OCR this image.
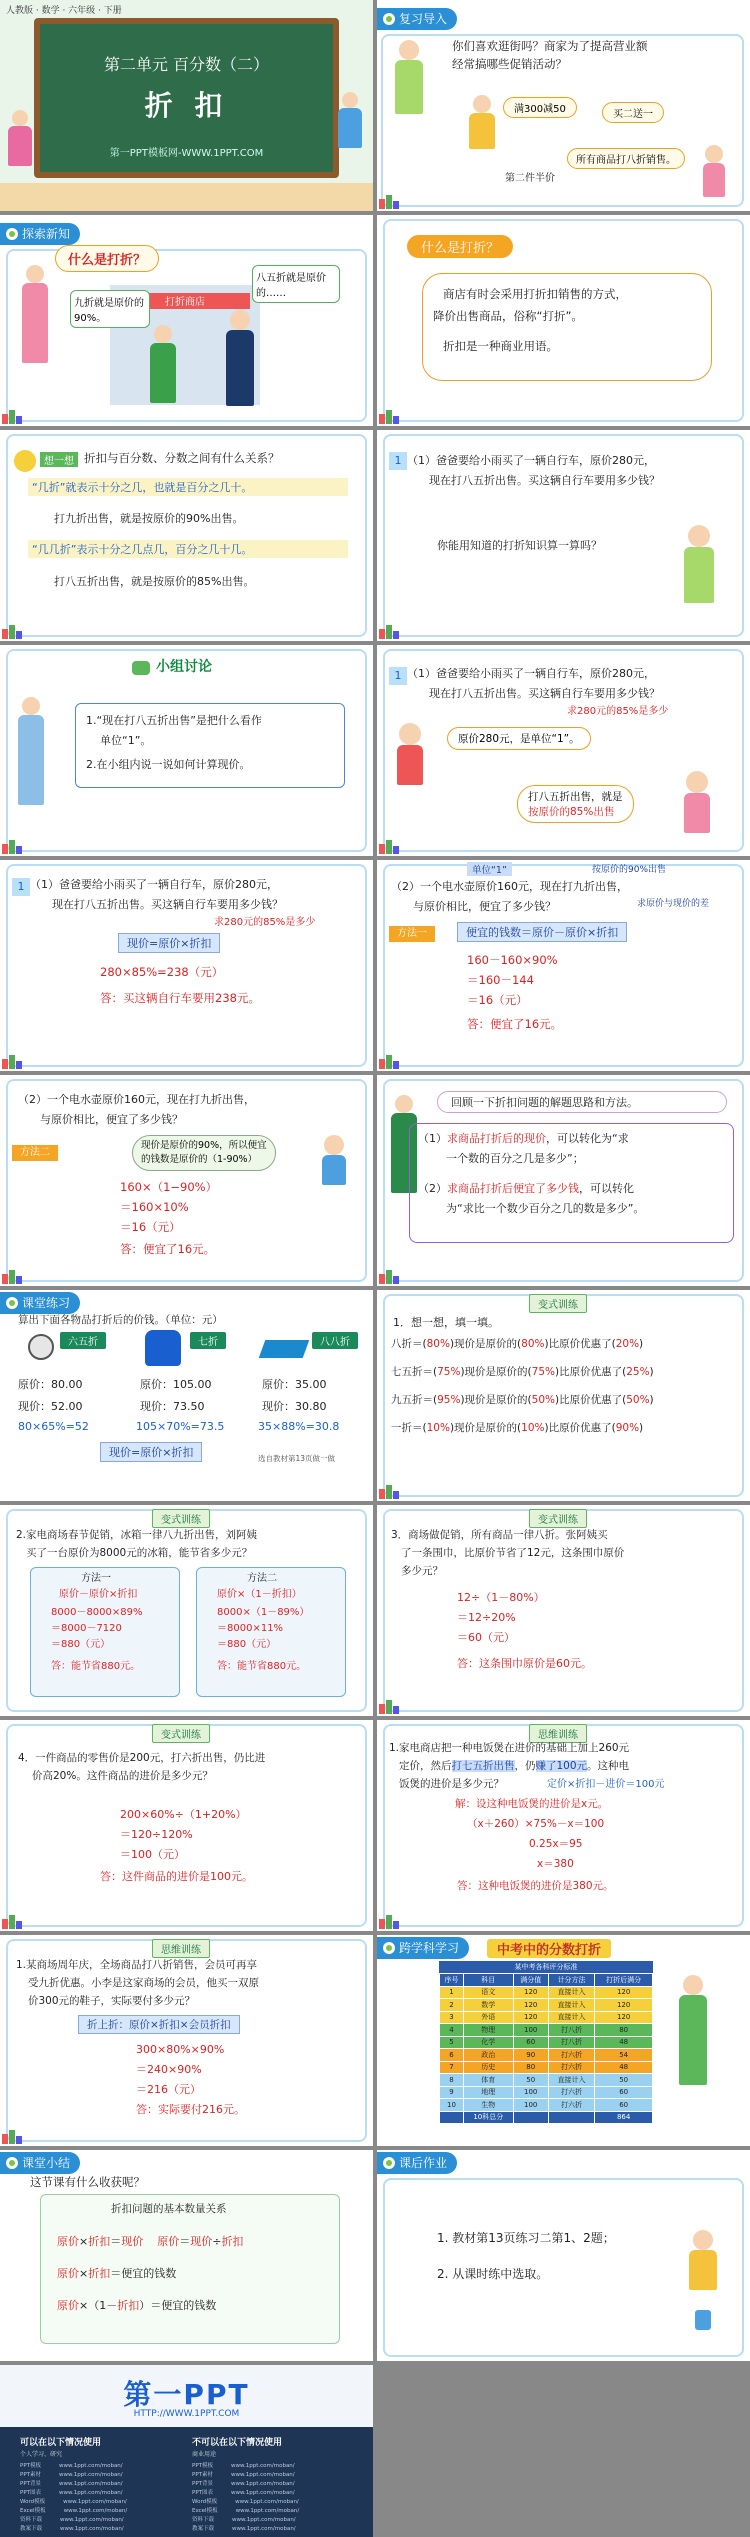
人教版 · 数学 · 六年级 · 下册
第二单元 百分数（二）
折 扣
第一PPT模板网-WWW.1PPT.COM
复习导入
你们喜欢逛街吗？商家为了提高营业额
经常搞哪些促销活动？
满300减50	买二送一
所有商品打八折销售。
第二件半价
探索新知
什么是打折？
打折商店
九折就是原价的90%。
八五折就是原价的……
什么是打折？
商店有时会采用打折扣销售的方式，
降价出售商品，俗称“打折”。
折扣是一种商业用语。
想一想 折扣与百分数、分数之间有什么关系？
“几折”就表示十分之几，也就是百分之几十。
打九折出售，就是按原价的90%出售。
“几几折”表示十分之几点几，百分之几十几。
打八五折出售，就是按原价的85%出售。
1 （1）爸爸要给小雨买了一辆自行车，原价280元，
现在打八五折出售。买这辆自行车要用多少钱？
你能用知道的打折知识算一算吗？
小组讨论
1.“现在打八五折出售”是把什么看作
单位“1”。
2.在小组内说一说如何计算现价。
1 （1）爸爸要给小雨买了一辆自行车，原价280元，
现在打八五折出售。买这辆自行车要用多少钱？
求280元的85%是多少
原价280元，是单位“1”。
打八五折出售，就是
按原价的85%出售
1 （1）爸爸要给小雨买了一辆自行车，原价280元，
现在打八五折出售。买这辆自行车要用多少钱？
求280元的85%是多少
现价=原价×折扣
280×85%=238（元）
答：买这辆自行车要用238元。
单位“1”	按原价的90%出售
求原价与现价的差
（2）一个电水壶原价160元，现在打九折出售，
与原价相比，便宜了多少钱？
方法一	便宜的钱数＝原价－原价×折扣
160－160×90%
＝160－144
＝16（元）
答：便宜了16元。
（2）一个电水壶原价160元，现在打九折出售，
与原价相比，便宜了多少钱？
方法二
现价是原价的90%，所以便宜
的钱数是原价的（1-90%）
160×（1−90%）
＝160×10%
＝16（元）
答：便宜了16元。
回顾一下折扣问题的解题思路和方法。
（1）求商品打折后的现价，可以转化为“求
一个数的百分之几是多少”；
（2）求商品打折后便宜了多少钱，可以转化
为“求比一个数少百分之几的数是多少”。
课堂练习
算出下面各物品打折后的价钱。（单位：元）
六五折	七折	八八折
原价：80.00	原价：105.00	原价：35.00
现价：52.00	现价：73.50	现价：30.80
80×65%=52	105×70%=73.5	35×88%=30.8
现价=原价×折扣	选自教材第13页做一做
变式训练
1．想一想，填一填。
八折＝(80%)现价是原价的(80%)比原价优惠了(20%)
七五折＝(75%)现价是原价的(75%)比原价优惠了(25%)
九五折＝(95%)现价是原价的(50%)比原价优惠了(50%)
一折＝(10%)现价是原价的(10%)比原价优惠了(90%)
变式训练
2.家电商场春节促销，冰箱一律八九折出售，刘阿姨
买了一台原价为8000元的冰箱，能节省多少元？
方法一
原价－原价×折扣
8000－8000×89%
＝8000－7120
＝880（元）
答：能节省880元。
方法二
原价×（1－折扣）
8000×（1－89%）
＝8000×11%
＝880（元）
答：能节省880元。
变式训练
3．商场做促销，所有商品一律八折。张阿姨买
了一条围巾，比原价节省了12元，这条围巾原价
多少元？
12÷（1－80%）
＝12÷20%
＝60（元）
答：这条围巾原价是60元。
变式训练
4．一件商品的零售价是200元，打六折出售，仍比进
价高20%。这件商品的进价是多少元？
200×60%÷（1+20%）
＝120÷120%
＝100（元）
答：这件商品的进价是100元。
思维训练
1.家电商店把一种电饭煲在进价的基础上加上260元
定价，然后打七五折出售，仍赚了100元。这种电
饭煲的进价是多少元？	定价×折扣－进价＝100元
解：设这种电饭煲的进价是x元。
（x＋260）×75%－x＝100
0.25x＝95
x＝380
答：这种电饭煲的进价是380元。
思维训练
1.某商场周年庆，全场商品打八折销售，会员可再享
受九折优惠。小李是这家商场的会员，他买一双原
价300元的鞋子，实际要付多少元？
折上折：原价×折扣×会员折扣
300×80%×90%
＝240×90%
＝216（元）
答：实际要付216元。
跨学科学习	中考中的分数打折
某中考各科评分标准
序号	科目	满分值	计分方法	打折后满分
1	语文	120	直接计入	120
2	数学	120	直接计入	120
3	外语	120	直接计入	120
4	物理	100	打八折	80
5	化学	60	打八折	48
6	政治	90	打六折	54
7	历史	80	打六折	48
8	体育	50	直接计入	50
9	地理	100	打六折	60
10	生物	100	打六折	60
	10科总分			864
课堂小结
这节课有什么收获呢？
折扣问题的基本数量关系
原价×折扣＝现价 原价＝现价÷折扣
原价×折扣＝便宜的钱数
原价×（1－折扣）＝便宜的钱数
课后作业
1. 教材第13页练习二第1、2题；
2. 从课时练中选取。
第一PPT
HTTP://WWW.1PPT.COM
可以在以下情况使用	不可以在以下情况使用
个人学习、研究	商业用途
PPT模板	www.1ppt.com/moban/	PPT模板	www.1ppt.com/moban/
PPT素材	www.1ppt.com/moban/	PPT素材	www.1ppt.com/moban/
PPT背景	www.1ppt.com/moban/	PPT背景	www.1ppt.com/moban/
PPT图表	www.1ppt.com/moban/	PPT图表	www.1ppt.com/moban/
Word模板	www.1ppt.com/moban/	Word模板	www.1ppt.com/moban/
Excel模板	www.1ppt.com/moban/	Excel模板	www.1ppt.com/moban/
资料下载	www.1ppt.com/moban/	资料下载	www.1ppt.com/moban/
教案下载	www.1ppt.com/moban/	教案下载	www.1ppt.com/moban/
